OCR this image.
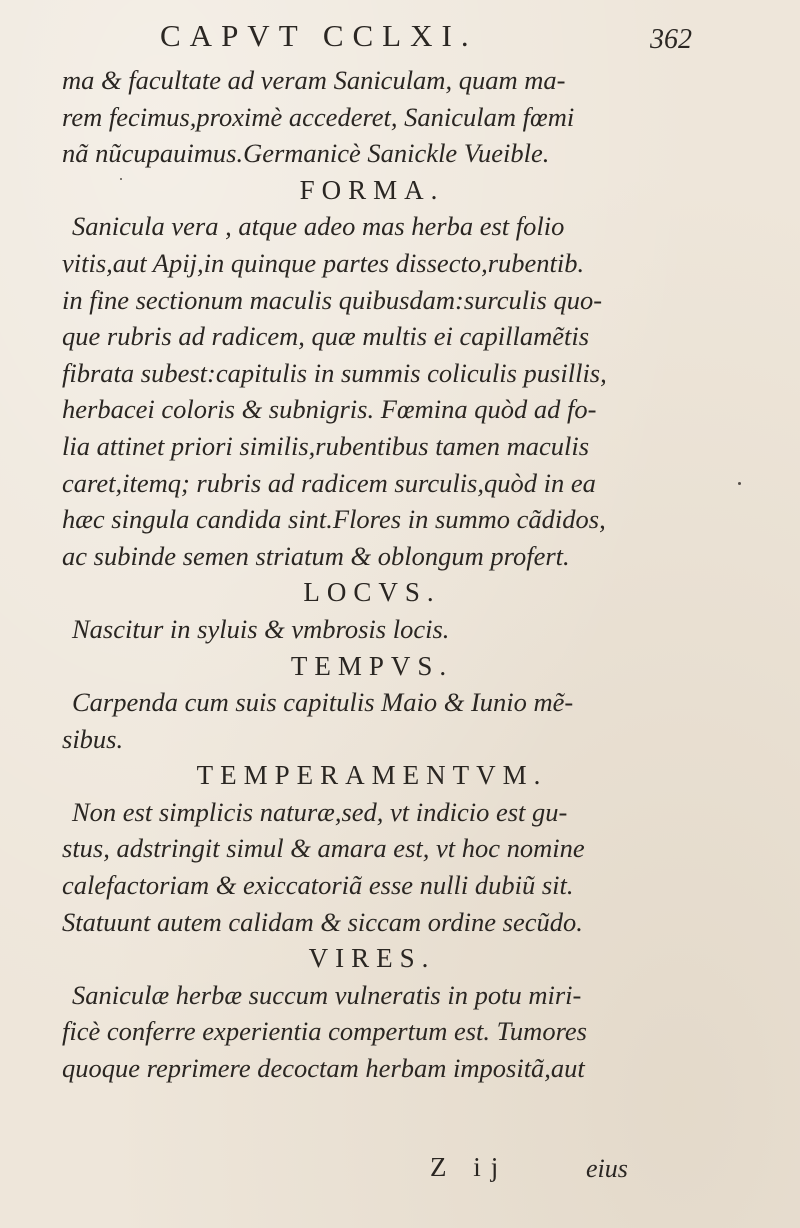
CAPVT CCLXI.	362
ma & facultate ad veram Saniculam, quam ma-
rem fecimus,proximè accederet, Saniculam fœmi
nã nũcupauimus.Germanicè Sanickle Vueible.
FORMA.
Sanicula vera , atque adeo mas herba est folio
vitis,aut Apij,in quinque partes dissecto,rubentib.
in fine sectionum maculis quibusdam:surculis quo-
que rubris ad radicem, quæ multis ei capillamẽtis
fibrata subest:capitulis in summis coliculis pusillis,
herbacei coloris & subnigris. Fœmina quòd ad fo-
lia attinet priori similis,rubentibus tamen maculis
caret,itemq; rubris ad radicem surculis,quòd in ea
hæc singula candida sint.Flores in summo cãdidos,
ac subinde semen striatum & oblongum profert.
LOCVS.
Nascitur in syluis & vmbrosis locis.
TEMPVS.
Carpenda cum suis capitulis Maio & Iunio mẽ-
sibus.
TEMPERAMENTVM.
Non est simplicis naturæ,sed, vt indicio est gu-
stus, adstringit simul & amara est, vt hoc nomine
calefactoriam & exiccatoriã esse nulli dubiũ sit.
Statuunt autem calidam & siccam ordine secũdo.
VIRES.
Saniculæ herbæ succum vulneratis in potu miri-
ficè conferre experientia compertum est. Tumores
quoque reprimere decoctam herbam impositã,aut
Z ij	eius
